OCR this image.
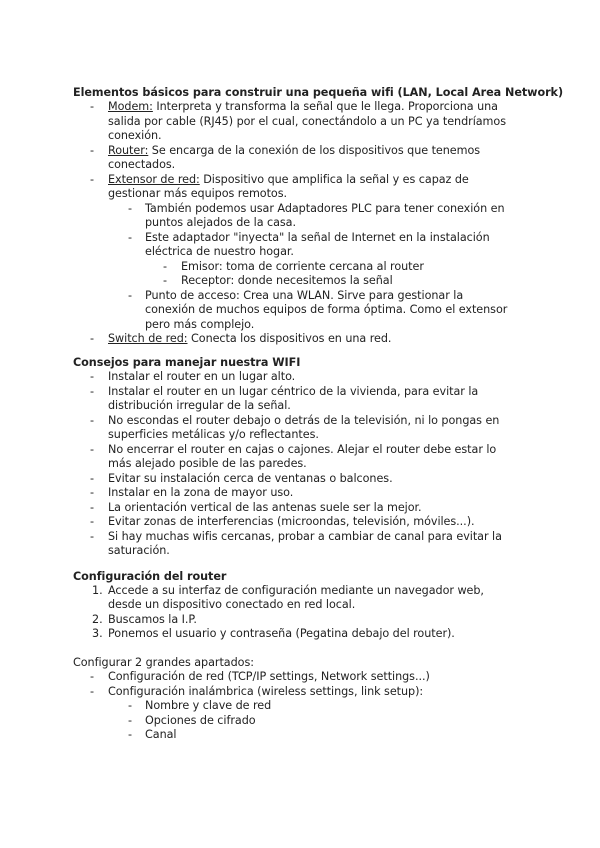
Elementos básicos para construir una pequeña wifi (LAN, Local Area Network)
- Modem: Interpreta y transforma la señal que le llega. Proporciona una
salida por cable (RJ45) por el cual, conectándolo a un PC ya tendríamos
conexión.
- Router: Se encarga de la conexión de los dispositivos que tenemos
conectados.
- Extensor de red: Dispositivo que amplifica la señal y es capaz de
gestionar más equipos remotos.
- También podemos usar Adaptadores PLC para tener conexión en
puntos alejados de la casa.
- Este adaptador "inyecta" la señal de Internet en la instalación
eléctrica de nuestro hogar.
- Emisor: toma de corriente cercana al router
- Receptor: donde necesitemos la señal
- Punto de acceso: Crea una WLAN. Sirve para gestionar la
conexión de muchos equipos de forma óptima. Como el extensor
pero más complejo.
- Switch de red: Conecta los dispositivos en una red.
Consejos para manejar nuestra WIFI
- Instalar el router en un lugar alto.
- Instalar el router en un lugar céntrico de la vivienda, para evitar la
distribución irregular de la señal.
- No escondas el router debajo o detrás de la televisión, ni lo pongas en
superficies metálicas y/o reflectantes.
- No encerrar el router en cajas o cajones. Alejar el router debe estar lo
más alejado posible de las paredes.
- Evitar su instalación cerca de ventanas o balcones.
- Instalar en la zona de mayor uso.
- La orientación vertical de las antenas suele ser la mejor.
- Evitar zonas de interferencias (microondas, televisión, móviles...).
- Si hay muchas wifis cercanas, probar a cambiar de canal para evitar la
saturación.
Configuración del router
1. Accede a su interfaz de configuración mediante un navegador web,
desde un dispositivo conectado en red local.
2. Buscamos la I.P.
3. Ponemos el usuario y contraseña (Pegatina debajo del router).
Configurar 2 grandes apartados:
- Configuración de red (TCP/IP settings, Network settings...)
- Configuración inalámbrica (wireless settings, link setup):
- Nombre y clave de red
- Opciones de cifrado
- Canal
